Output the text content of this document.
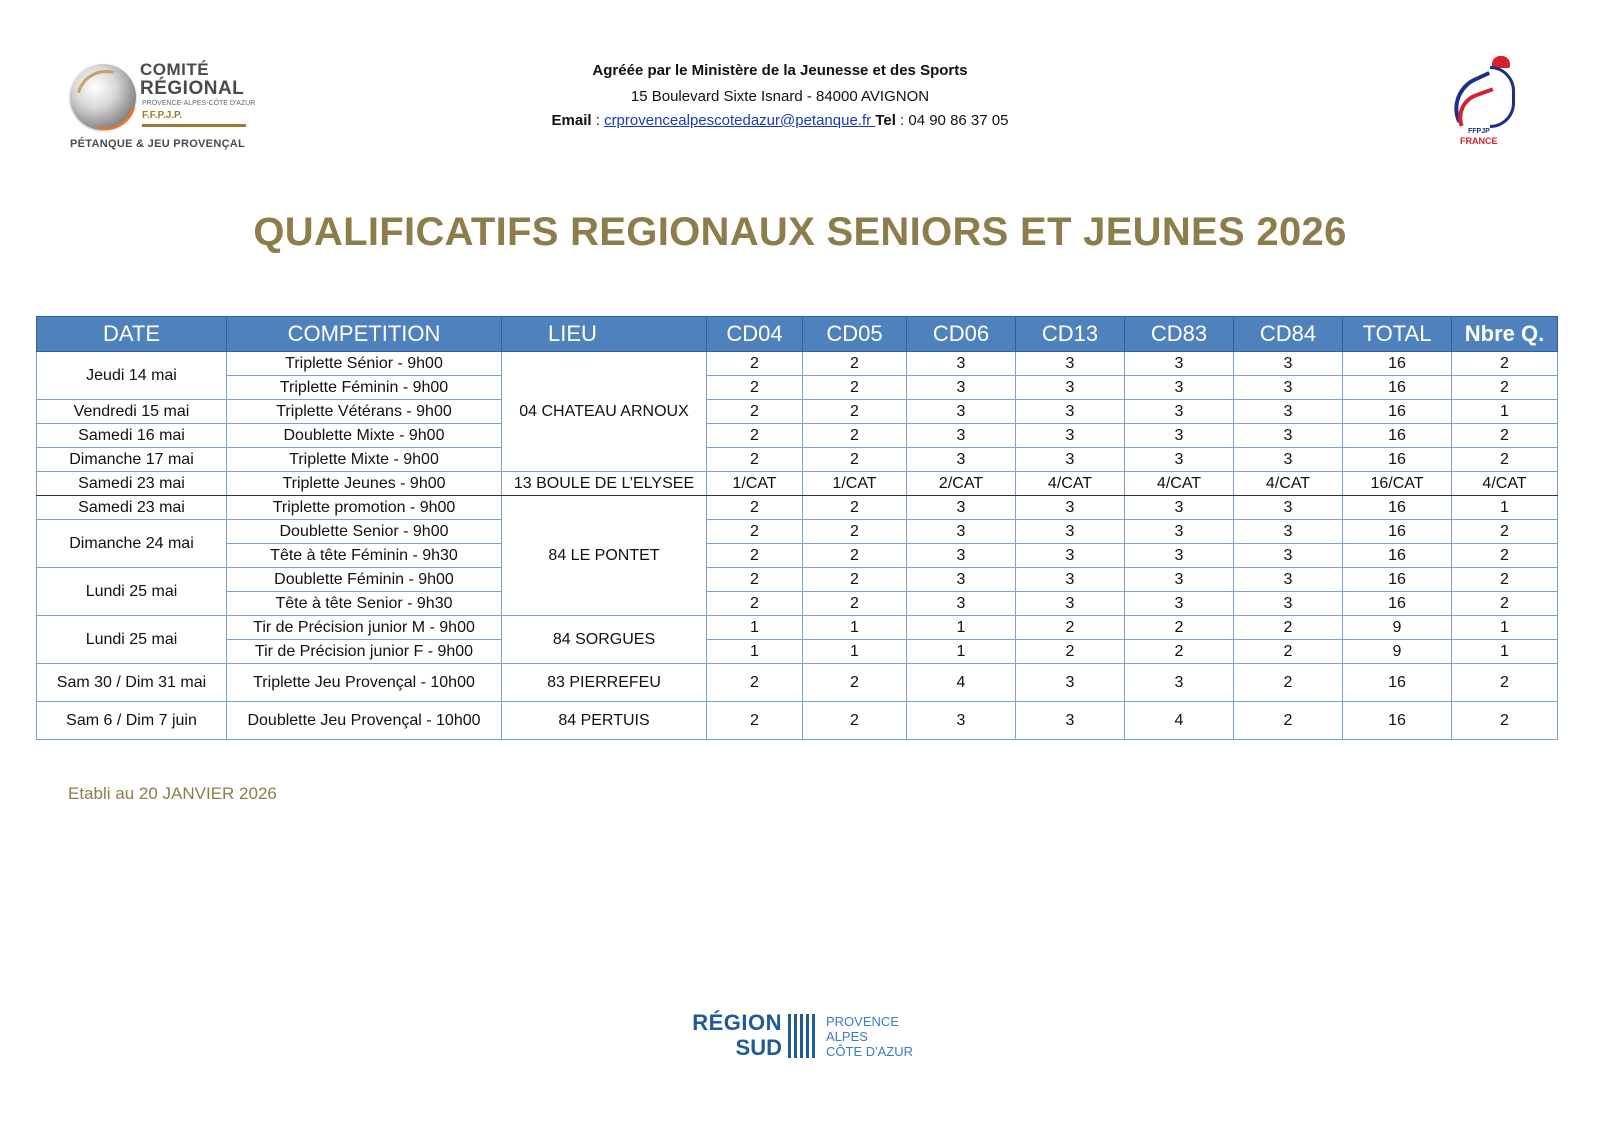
COMITÉ
RÉGIONAL
PROVENCE-ALPES-CÔTE D'AZUR
F.F.P.J.P.
PÉTANQUE & JEU PROVENÇAL
Agréée par le Ministère de la Jeunesse et des Sports
15 Boulevard Sixte Isnard - 84000 AVIGNON
Email : crprovencealpescotedazur@petanque.fr Tel : 04 90 86 37 05
FFPJP
FRANCE
QUALIFICATIFS REGIONAUX SENIORS ET JEUNES 2026
DATE	COMPETITION	LIEU	CD04	CD05	CD06	CD13	CD83	CD84	TOTAL	Nbre Q.
Jeudi 14 mai	Triplette Sénior - 9h00	04 CHATEAU ARNOUX	2	2	3	3	3	3	16	2
	Triplette Féminin - 9h00		2	2	3	3	3	3	16	2
Vendredi 15 mai	Triplette Vétérans - 9h00		2	2	3	3	3	3	16	1
Samedi 16 mai	Doublette Mixte - 9h00		2	2	3	3	3	3	16	2
Dimanche 17 mai	Triplette Mixte - 9h00		2	2	3	3	3	3	16	2
Samedi 23 mai	Triplette Jeunes - 9h00	13 BOULE DE L’ELYSEE	1/CAT	1/CAT	2/CAT	4/CAT	4/CAT	4/CAT	16/CAT	4/CAT
Samedi 23 mai	Triplette promotion - 9h00	84 LE PONTET	2	2	3	3	3	3	16	1
Dimanche 24 mai	Doublette Senior - 9h00		2	2	3	3	3	3	16	2
	Tête à tête Féminin - 9h30		2	2	3	3	3	3	16	2
Lundi 25 mai	Doublette Féminin - 9h00		2	2	3	3	3	3	16	2
	Tête à tête Senior - 9h30		2	2	3	3	3	3	16	2
Lundi 25 mai	Tir de Précision junior M - 9h00	84 SORGUES	1	1	1	2	2	2	9	1
	Tir de Précision junior F - 9h00		1	1	1	2	2	2	9	1
Sam 30 / Dim 31 mai	Triplette Jeu Provençal - 10h00	83 PIERREFEU	2	2	4	3	3	2	16	2
Sam 6 / Dim 7 juin	Doublette Jeu Provençal - 10h00	84 PERTUIS	2	2	3	3	4	2	16	2
Etabli au 20 JANVIER 2026
RÉGION
SUD
PROVENCE
ALPES
CÔTE D'AZUR
